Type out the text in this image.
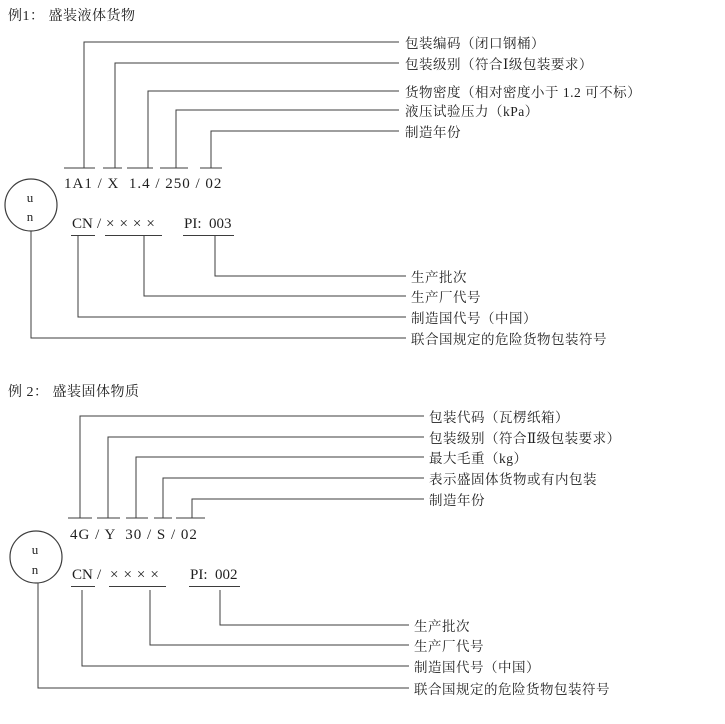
例1： 盛装液体货物
包装编码（闭口钢桶）
包装级别（符合Ⅰ级包装要求）
货物密度（相对密度小于 1.2 可不标）
液压试验压力（kPa）
制造年份
1A1 / X  1.4 / 250 / 02
u
n	CN / ×××× PI:  003
生产批次
生产厂代号
制造国代号（中国）
联合国规定的危险货物包装符号
例 2： 盛装固体物质
包装代码（瓦楞纸箱）
包装级别（符合Ⅱ级包装要求）
最大毛重（kg）
表示盛固体货物或有内包装
制造年份
4G / Y  30 / S / 02
u
n CN / ×××× PI:  002
生产批次
生产厂代号
制造国代号（中国）
联合国规定的危险货物包装符号
